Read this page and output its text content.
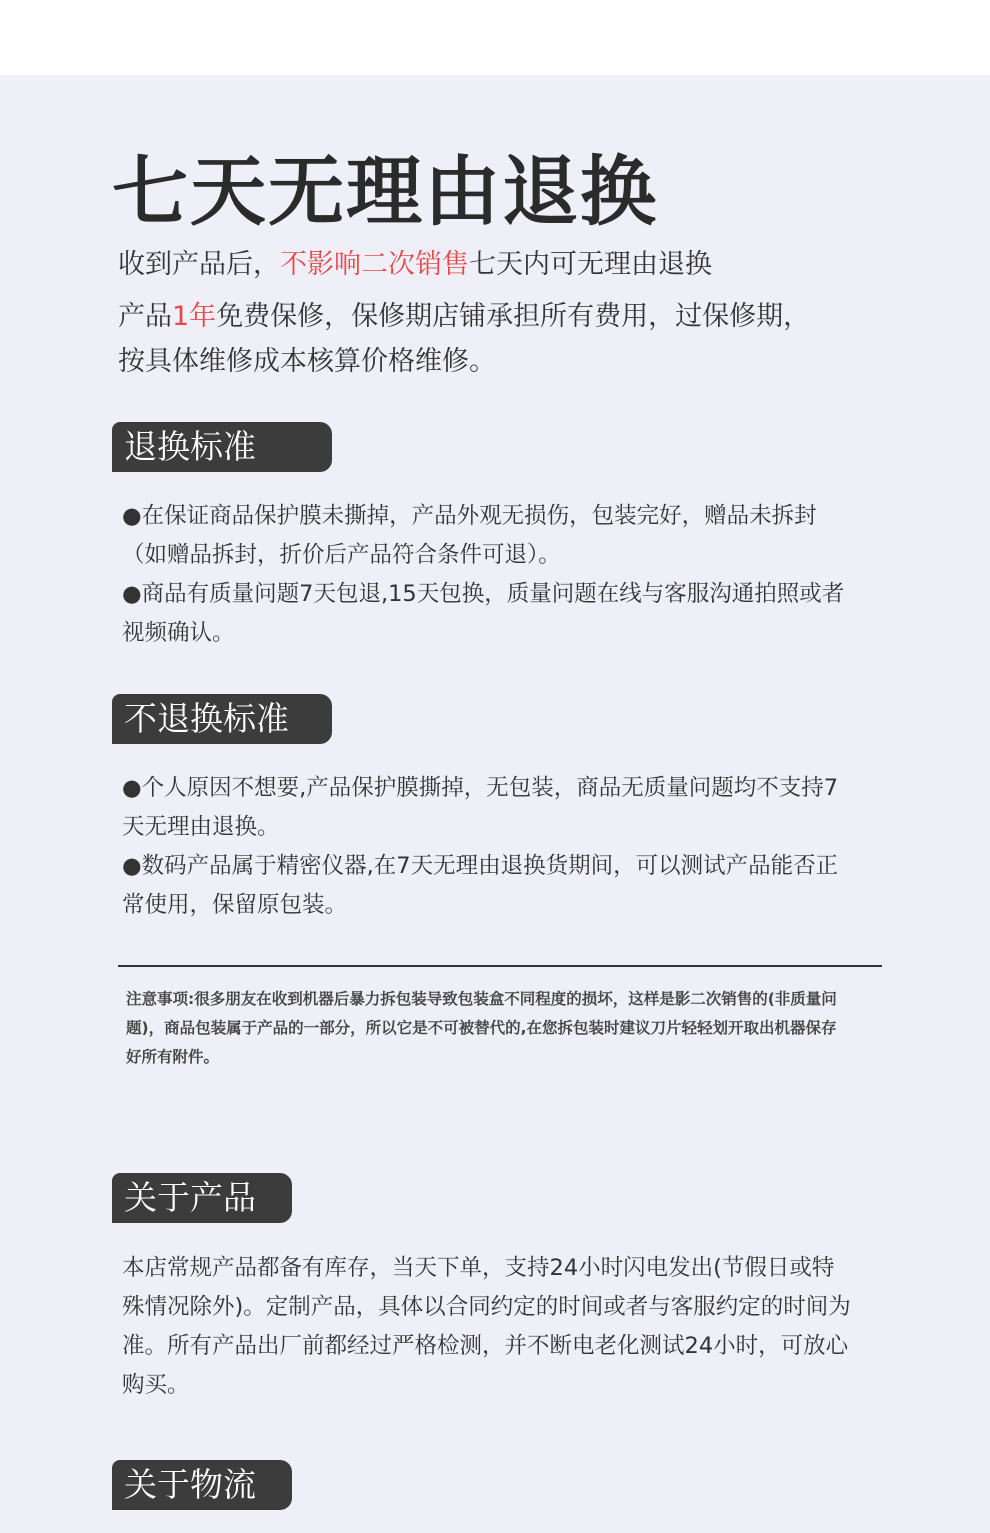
七天无理由退换
收到产品后，不影响二次销售七天内可无理由退换
产品1年免费保修，保修期店铺承担所有费用，过保修期，
按具体维修成本核算价格维修。
退换标准
●在保证商品保护膜未撕掉，产品外观无损伤，包装完好，赠品未拆封（如赠品拆封，折价后产品符合条件可退）。
●商品有质量问题7天包退,15天包换，质量问题在线与客服沟通拍照或者视频确认。
不退换标准
●个人原因不想要,产品保护膜撕掉，无包装，商品无质量问题均不支持7天无理由退换。
●数码产品属于精密仪器,在7天无理由退换货期间，可以测试产品能否正常使用，保留原包装。
注意事项:很多朋友在收到机器后暴力拆包装导致包装盒不同程度的损坏，这样是影二次销售的(非质量问题)，商品包装属于产品的一部分，所以它是不可被替代的,在您拆包装时建议刀片轻轻划开取出机器保存好所有附件。
关于产品
本店常规产品都备有库存，当天下单，支持24小时闪电发出(节假日或特殊情况除外)。定制产品，具体以合同约定的时间或者与客服约定的时间为准。所有产品出厂前都经过严格检测，并不断电老化测试24小时，可放心购买。
关于物流
